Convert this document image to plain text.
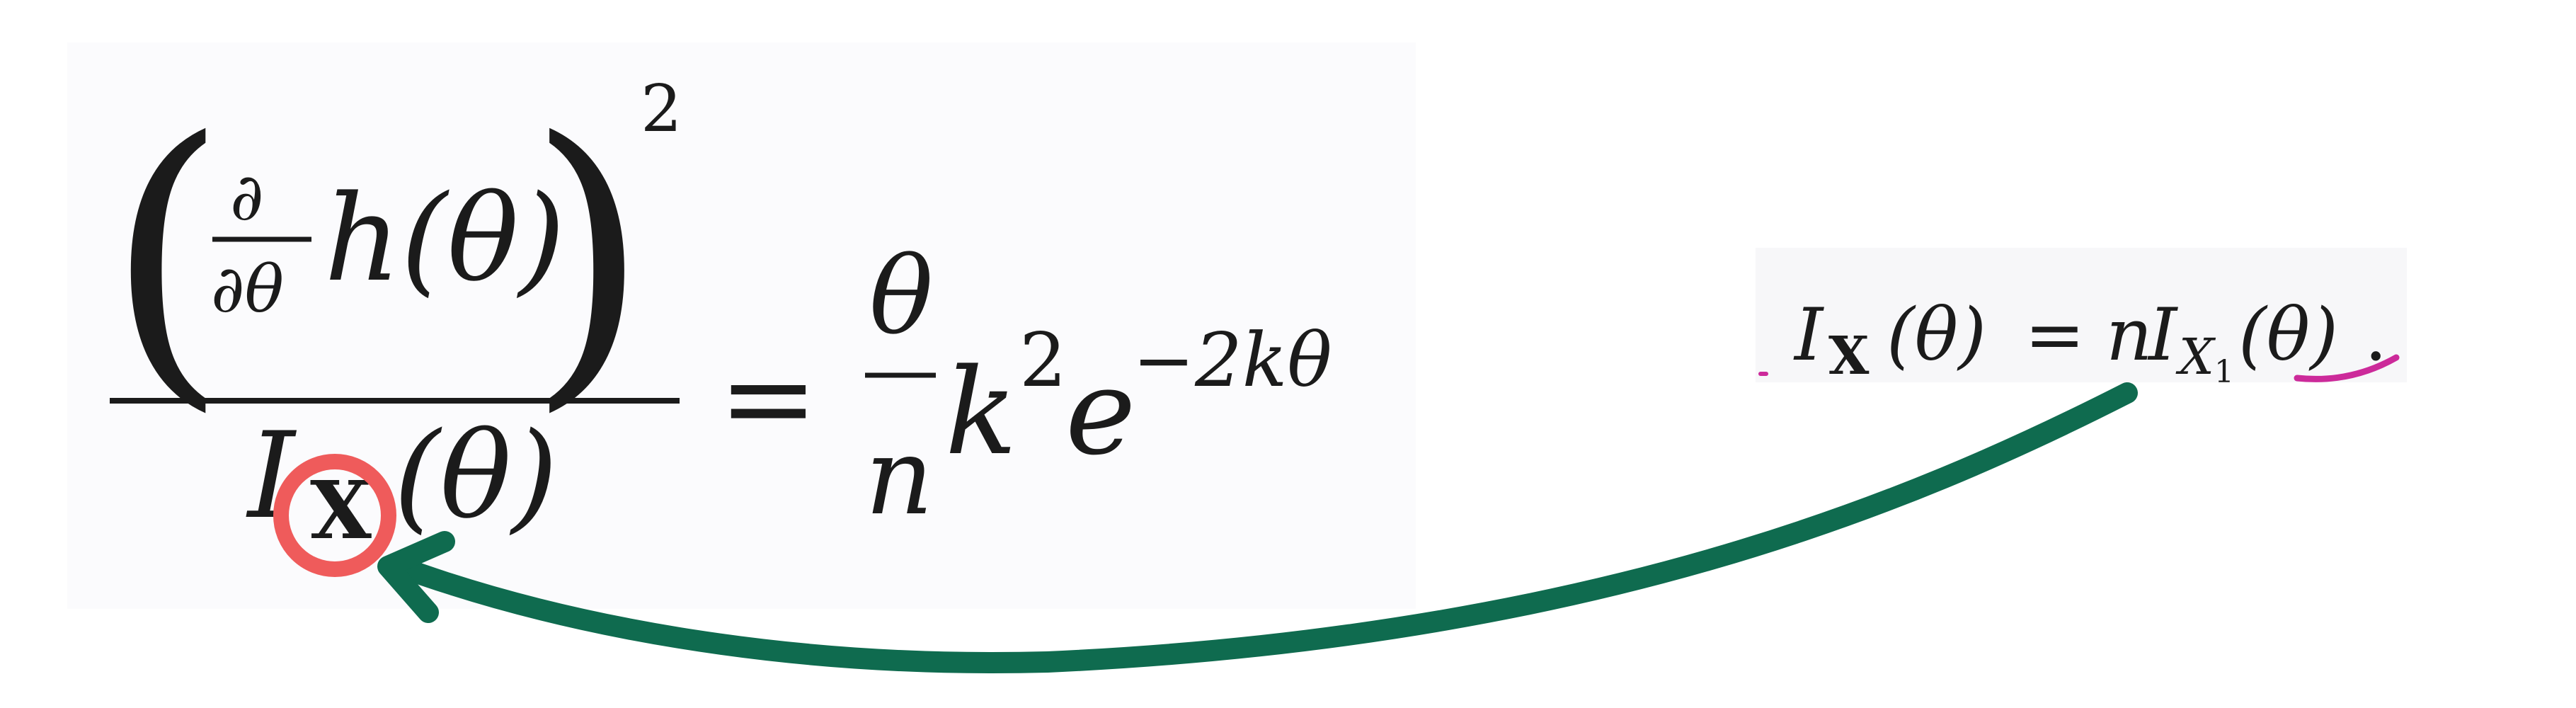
( )
2
∂
∂θ h(θ)
I X (θ)
=
θ
n k 2
e
−2kθ	I X (θ) = n
I X 1 (θ) .
